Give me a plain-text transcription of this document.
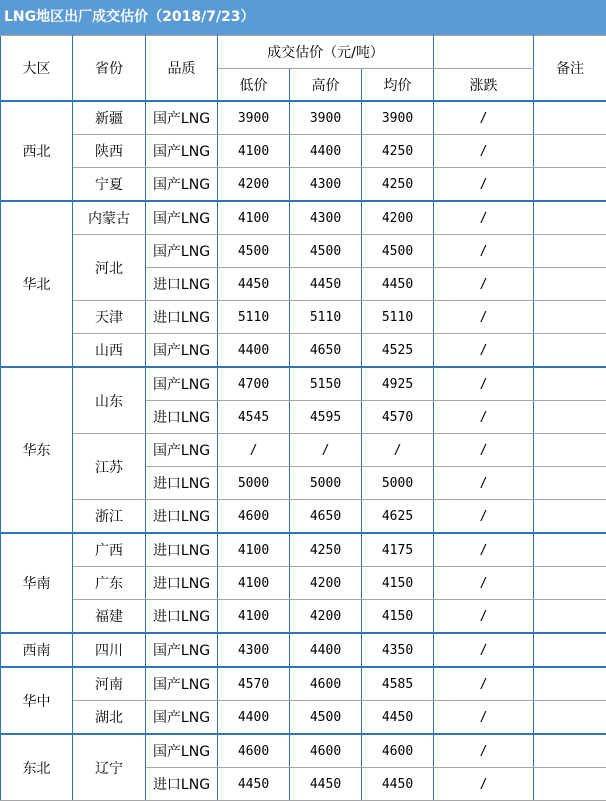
LNG地区出厂成交估价（2018/7/23）
大区	省份	品质	成交估价（元/吨）				备注
			低价	高价	均价	涨跌	
西北	新疆	国产LNG	3900	3900	3900	/	
	陕西	国产LNG	4100	4400	4250	/	
	宁夏	国产LNG	4200	4300	4250	/	
华北	内蒙古	国产LNG	4100	4300	4200	/	
	河北	国产LNG	4500	4500	4500	/	
		进口LNG	4450	4450	4450	/	
	天津	进口LNG	5110	5110	5110	/	
	山西	国产LNG	4400	4650	4525	/	
华东	山东	国产LNG	4700	5150	4925	/	
		进口LNG	4545	4595	4570	/	
	江苏	国产LNG	/	/	/	/	
		进口LNG	5000	5000	5000	/	
	浙江	进口LNG	4600	4650	4625	/	
华南	广西	进口LNG	4100	4250	4175	/	
	广东	进口LNG	4100	4200	4150	/	
	福建	进口LNG	4100	4200	4150	/	
西南	四川	国产LNG	4300	4400	4350	/	
华中	河南	国产LNG	4570	4600	4585	/	
	湖北	国产LNG	4400	4500	4450	/	
东北	辽宁	国产LNG	4600	4600	4600	/	
		进口LNG	4450	4450	4450	/	
